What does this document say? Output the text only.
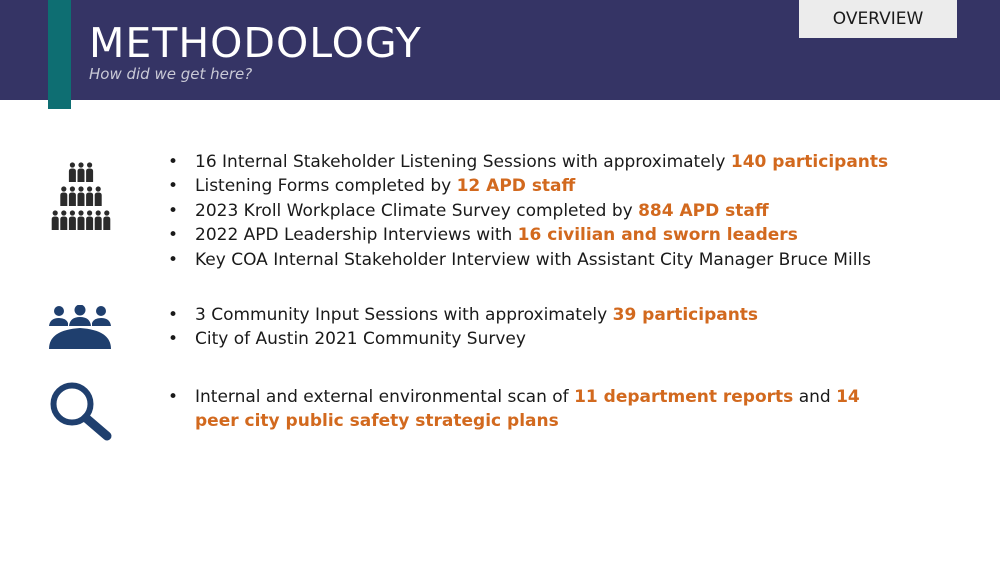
METHODOLOGY
How did we get here?
OVERVIEW
• 16 Internal Stakeholder Listening Sessions with approximately 140 participants
• Listening Forms completed by 12 APD staff
• 2023 Kroll Workplace Climate Survey completed by 884 APD staff
• 2022 APD Leadership Interviews with 16 civilian and sworn leaders
• Key COA Internal Stakeholder Interview with Assistant City Manager Bruce Mills
• 3 Community Input Sessions with approximately 39 participants
• City of Austin 2021 Community Survey
• Internal and external environmental scan of 11 department reports and 14 peer city public safety strategic plans
